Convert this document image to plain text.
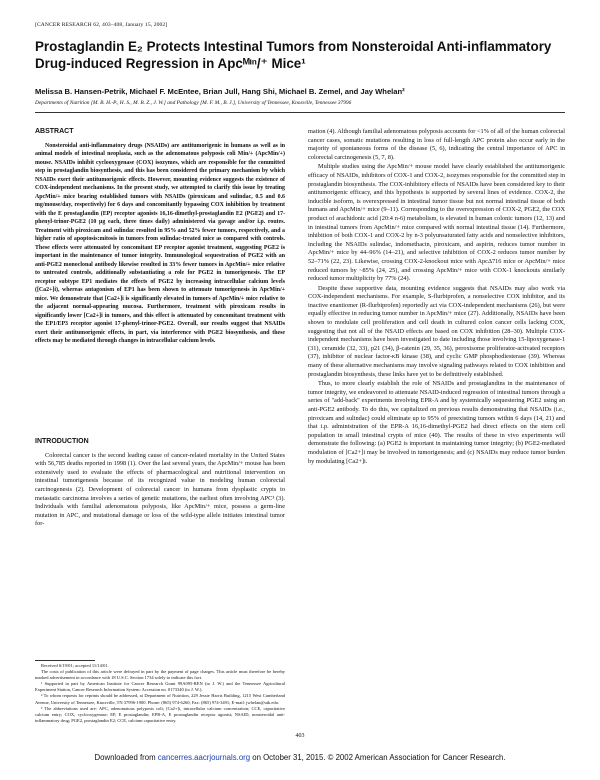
[CANCER RESEARCH 62, 403–408, January 15, 2002]
Prostaglandin E₂ Protects Intestinal Tumors from Nonsteroidal Anti-inflammatory Drug-induced Regression in Apcᴹᶦⁿ/⁺ Mice¹
Melissa B. Hansen-Petrik, Michael F. McEntee, Brian Jull, Hang Shi, Michael B. Zemel, and Jay Whelan²
Departments of Nutrition [M. B. H.-P., H. S., M. B. Z., J. W.] and Pathology [M. F. M., B. J.], University of Tennessee, Knoxville, Tennessee 37996
ABSTRACT

Nonsteroidal anti-inflammatory drugs (NSAIDs) are antitumorigenic in humans as well as in animal models of intestinal neoplasia, such as the adenomatous polyposis coli Min/+ (ApcMin/+) mouse. NSAIDs inhibit cyclooxygenase (COX) isozymes, which are responsible for the committed step in prostaglandin biosynthesis, and this has been considered the primary mechanism by which NSAIDs exert their antitumorigenic effects. However, mounting evidence suggests the existence of COX-independent mechanisms. In the present study, we attempted to clarify this issue by treating ApcMin/+ mice bearing established tumors with NSAIDs (piroxicam and sulindac, 0.5 and 0.6 mg/mouse/day, respectively) for 6 days and concomitantly bypassing COX inhibition by treatment with the E prostaglandin (EP) receptor agonists 16,16-dimethyl-prostaglandin E2 (PGE2) and 17-phenyl-trinor-PGE2 (10 μg each, three times daily) administered via gavage and/or i.p. routes. Treatment with piroxicam and sulindac resulted in 95% and 52% fewer tumors, respectively, and a higher ratio of apoptosis:mitosis in tumors from sulindac-treated mice as compared with controls. These effects were attenuated by concomitant EP receptor agonist treatment, suggesting PGE2 is important in the maintenance of tumor integrity. Immunological sequestration of PGE2 with an anti-PGE2 monoclonal antibody likewise resulted in 33% fewer tumors in ApcMin/+ mice relative to untreated controls, additionally substantiating a role for PGE2 in tumorigenesis. The EP receptor subtype EP1 mediates the effects of PGE2 by increasing intracellular calcium levels ([Ca2+]i), whereas antagonism of EP1 has been shown to attenuate tumorigenesis in ApcMin/+ mice. We demonstrate that [Ca2+]i is significantly elevated in tumors of ApcMin/+ mice relative to the adjacent normal-appearing mucosa. Furthermore, treatment with piroxicam results in significantly lower [Ca2+]i in tumors, and this effect is attenuated by concomitant treatment with the EP1/EP3 receptor agonist 17-phenyl-trinor-PGE2. Overall, our results suggest that NSAIDs exert their antitumorigenic effects, in part, via interference with PGE2 biosynthesis, and these effects may be mediated through changes in intracellular calcium levels.

INTRODUCTION

Colorectal cancer is the second leading cause of cancer-related mortality in the United States with 56,785 deaths reported in 1998 (1). Over the last several years, the ApcMin/+ mouse has been extensively used to evaluate the effects of pharmacological and nutritional intervention on intestinal tumorigenesis because of its recognized value in modeling human colorectal carcinogenesis (2). Development of colorectal cancer in humans from dysplastic crypts to metastatic carcinoma involves a series of genetic mutations, the earliest often involving APC³ (3). Individuals with familial adenomatous polyposis, like ApcMin/+ mice, possess a germ-line mutation in APC, and mutational damage or loss of the wild-type allele initiates intestinal tumor for-

Received 6/19/01; accepted 11/14/01.
The costs of publication of this article were defrayed in part by the payment of page charges. This article must therefore be hereby marked advertisement in accordance with 18 U.S.C. Section 1734 solely to indicate this fact.
¹ Supported in part by American Institute for Cancer Research Grant 99A095-REN (to J. W.) and the Tennessee Agricultural Experiment Station, Cancer Research Information System: Accession no. 0173340 (to J. W.).
² To whom requests for reprints should be addressed, at Department of Nutrition, 229 Jessie Harris Building, 1215 West Cumberland Avenue, University of Tennessee, Knoxville, TN 37996-1900. Phone: (865) 974-6260; Fax: (865) 974-3491; E-mail: jwhelan@utk.edu.
³ The abbreviations used are: APC, adenomatous polyposis coli; [Ca2+]i, intracellular calcium concentration; CCE, capacitative calcium entry; COX, cyclooxygenase; EP, E prostaglandin; EPR-A, E prostaglandin receptor agonist; NSAID, nonsteroidal anti-inflammatory drug; PGE2, prostaglandin E2; CCE, calcium capacitative entry.

mation (4). Although familial adenomatous polyposis accounts for <1% of all of the human colorectal cancer cases, somatic mutations resulting in loss of full-length APC protein also occur early in the majority of spontaneous forms of the disease (5, 6), indicating the central importance of APC in colorectal carcinogenesis (5, 7, 8).

Multiple studies using the ApcMin/+ mouse model have clearly established the antitumorigenic efficacy of NSAIDs, inhibitors of COX-1 and COX-2, isozymes responsible for the committed step in prostaglandin biosynthesis. The COX-inhibitory effects of NSAIDs have been considered key to their antitumorigenic efficacy, and this hypothesis is supported by several lines of evidence. COX-2, the inducible isoform, is overexpressed in intestinal tumor tissue but not normal intestinal tissue of both humans and ApcMin/+ mice (9–11). Corresponding to the overexpression of COX-2, PGE2, the COX product of arachidonic acid (20:4 n-6) metabolism, is elevated in human colonic tumors (12, 13) and in intestinal tumors from ApcMin/+ mice compared with normal intestinal tissue (14). Furthermore, inhibition of both COX-1 and COX-2 by n-3 polyunsaturated fatty acids and nonselective inhibitors, including the NSAIDs sulindac, indomethacin, piroxicam, and aspirin, reduces tumor number in ApcMin/+ mice by 44–96% (14–21), and selective inhibition of COX-2 reduces tumor number by 52–71% (22, 23). Likewise, crossing COX-2-knockout mice with ApcΔ716 mice or ApcMin/+ mice reduced tumors by ~85% (24, 25), and crossing ApcMin/+ mice with COX-1 knockouts similarly reduced tumor multiplicity by 77% (24).

Despite these supportive data, mounting evidence suggests that NSAIDs may also work via COX-independent mechanisms. For example, S-flurbiprofen, a nonselective COX inhibitor, and its inactive enantiomer (R-flurbiprofen) reportedly act via COX-independent mechanisms (26), but were equally effective in reducing tumor number in ApcMin/+ mice (27). Additionally, NSAIDs have been shown to modulate cell proliferation and cell death in cultured colon cancer cells lacking COX, suggesting that not all of the NSAID effects are based on COX inhibition (28–30). Multiple COX-independent mechanisms have been investigated to date including those involving 15-lipoxygenase-1 (31), ceramide (32, 33), p21 (34), β-catenin (29, 35, 36), peroxisome proliferator-activated receptors (37), inhibitor of nuclear factor-κB kinase (38), and cyclic GMP phosphodiesterase (39). Whereas many of these alternative mechanisms may involve signaling pathways related to COX inhibition and prostaglandin biosynthesis, these links have yet to be definitively established.

Thus, to more clearly establish the role of NSAIDs and prostaglandins in the maintenance of tumor integrity, we endeavored to attenuate NSAID-induced regression of intestinal tumors through a series of "add-back" experiments involving EPR-A and by systemically sequestering PGE2 using an anti-PGE2 antibody. To do this, we capitalized on previous results demonstrating that NSAIDs (i.e., piroxicam and sulindac) could eliminate up to 95% of preexisting tumors within 6 days (14, 21) and that i.p. administration of the EPR-A 16,16-dimethyl-PGE2 had direct effects on the stem cell population in small intestinal crypts of mice (40). The results of these in vivo experiments will demonstrate the following: (a) PGE2 is important in maintaining tumor integrity; (b) PGE2-mediated modulation of [Ca2+]i may be involved in tumorigenesis; and (c) NSAIDs may reduce tumor burden by modulating [Ca2+]i.

403
Downloaded from cancerres.aacrjournals.org on October 31, 2015. © 2002 American Association for Cancer Research.
